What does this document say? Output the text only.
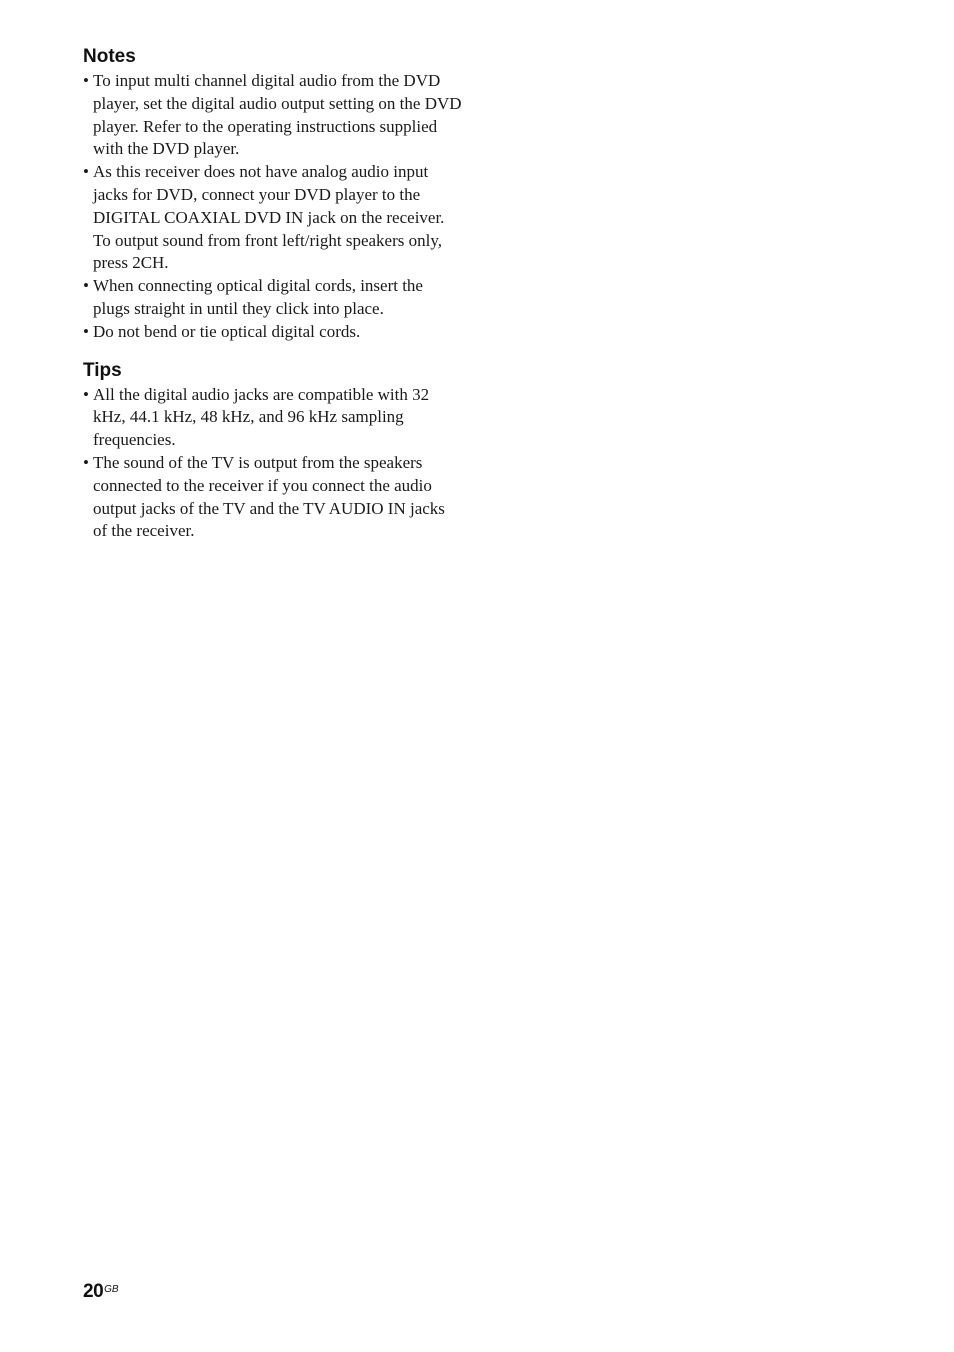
Notes
• To input multi channel digital audio from the DVD player, set the digital audio output setting on the DVD player. Refer to the operating instructions supplied with the DVD player.
• As this receiver does not have analog audio input jacks for DVD, connect your DVD player to the DIGITAL COAXIAL DVD IN jack on the receiver. To output sound from front left/right speakers only, press 2CH.
• When connecting optical digital cords, insert the plugs straight in until they click into place.
• Do not bend or tie optical digital cords.
Tips
• All the digital audio jacks are compatible with 32 kHz, 44.1 kHz, 48 kHz, and 96 kHz sampling frequencies.
• The sound of the TV is output from the speakers connected to the receiver if you connect the audio output jacks of the TV and the TV AUDIO IN jacks of the receiver.
$20^{GB}$
